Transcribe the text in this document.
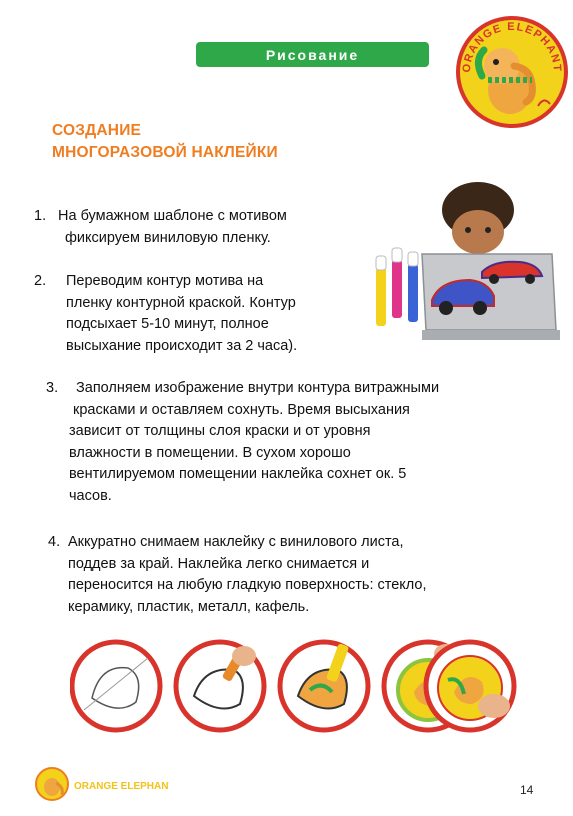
Рисование
ORANGE ELEPHANT
СОЗДАНИЕ
МНОГОРАЗОВОЙ НАКЛЕЙКИ
1. На бумажном шаблоне с мотивом
фиксируем виниловую пленку.
2. Переводим контур мотива на
пленку контурной краской. Контур
подсыхает 5-10 минут, полное
высыхание происходит за 2 часа).
3. Заполняем изображение внутри контура витражными
красками и оставляем сохнуть. Время высыхания
зависит от толщины слоя краски и от уровня
влажности в помещении. В сухом хорошо
вентилируемом помещении наклейка сохнет ок. 5
часов.
4. Аккуратно снимаем наклейку с винилового листа,
поддев за край. Наклейка легко снимается и
переносится на любую гладкую поверхность: стекло,
керамику, пластик, металл, кафель.
ORANGE ELEPHANT	14
